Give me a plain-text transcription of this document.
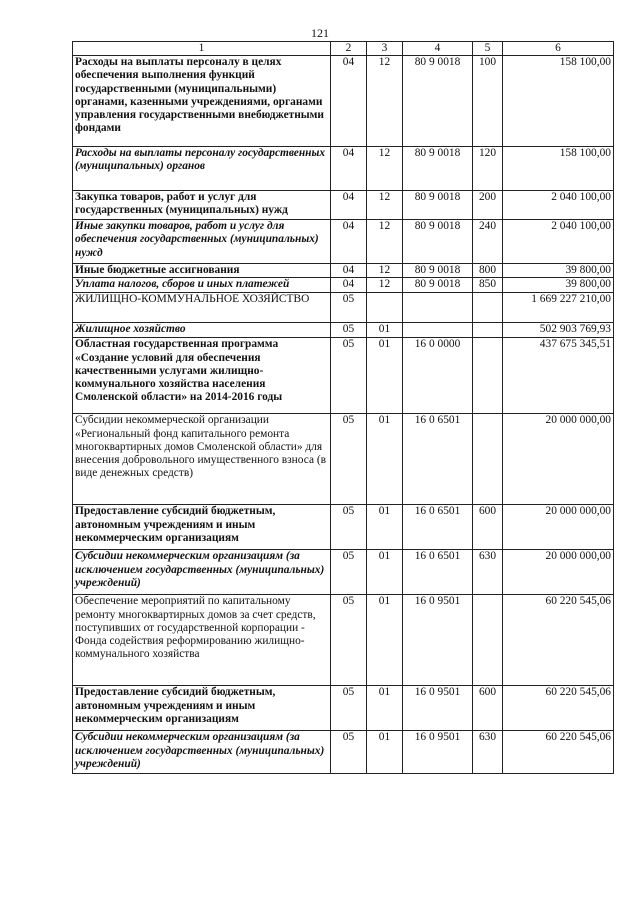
121
1	2	3	4	5	6
Расходы на выплаты персоналу в целях обеспечения выполнения функций государственными (муниципальными) органами, казенными учреждениями, органами управления государственными внебюджетными фондами	04	12	80 9 0018	100	158 100,00
Расходы на выплаты персоналу государственных (муниципальных) органов	04	12	80 9 0018	120	158 100,00
Закупка товаров, работ и услуг для государственных (муниципальных) нужд	04	12	80 9 0018	200	2 040 100,00
Иные закупки товаров, работ и услуг для обеспечения государственных (муниципальных) нужд	04	12	80 9 0018	240	2 040 100,00
Иные бюджетные ассигнования	04	12	80 9 0018	800	39 800,00
Уплата налогов, сборов и иных платежей	04	12	80 9 0018	850	39 800,00
ЖИЛИЩНО-КОММУНАЛЬНОЕ ХОЗЯЙСТВО	05				1 669 227 210,00
Жилищное хозяйство	05	01			502 903 769,93
Областная государственная программа «Создание условий для обеспечения качественными услугами жилищно-коммунального хозяйства населения Смоленской области» на 2014-2016 годы	05	01	16 0 0000		437 675 345,51
Субсидии некоммерческой организации «Региональный фонд капитального ремонта многоквартирных домов Смоленской области» для внесения добровольного имущественного взноса (в виде денежных средств)	05	01	16 0 6501		20 000 000,00
Предоставление субсидий бюджетным, автономным учреждениям и иным некоммерческим организациям	05	01	16 0 6501	600	20 000 000,00
Субсидии некоммерческим организациям (за исключением государственных (муниципальных) учреждений)	05	01	16 0 6501	630	20 000 000,00
Обеспечение мероприятий по капитальному ремонту многоквартирных домов за счет средств, поступивших от государственной корпорации - Фонда содействия реформированию жилищно-коммунального хозяйства	05	01	16 0 9501		60 220 545,06
Предоставление субсидий бюджетным, автономным учреждениям и иным некоммерческим организациям	05	01	16 0 9501	600	60 220 545,06
Субсидии некоммерческим организациям (за исключением государственных (муниципальных) учреждений)	05	01	16 0 9501	630	60 220 545,06
